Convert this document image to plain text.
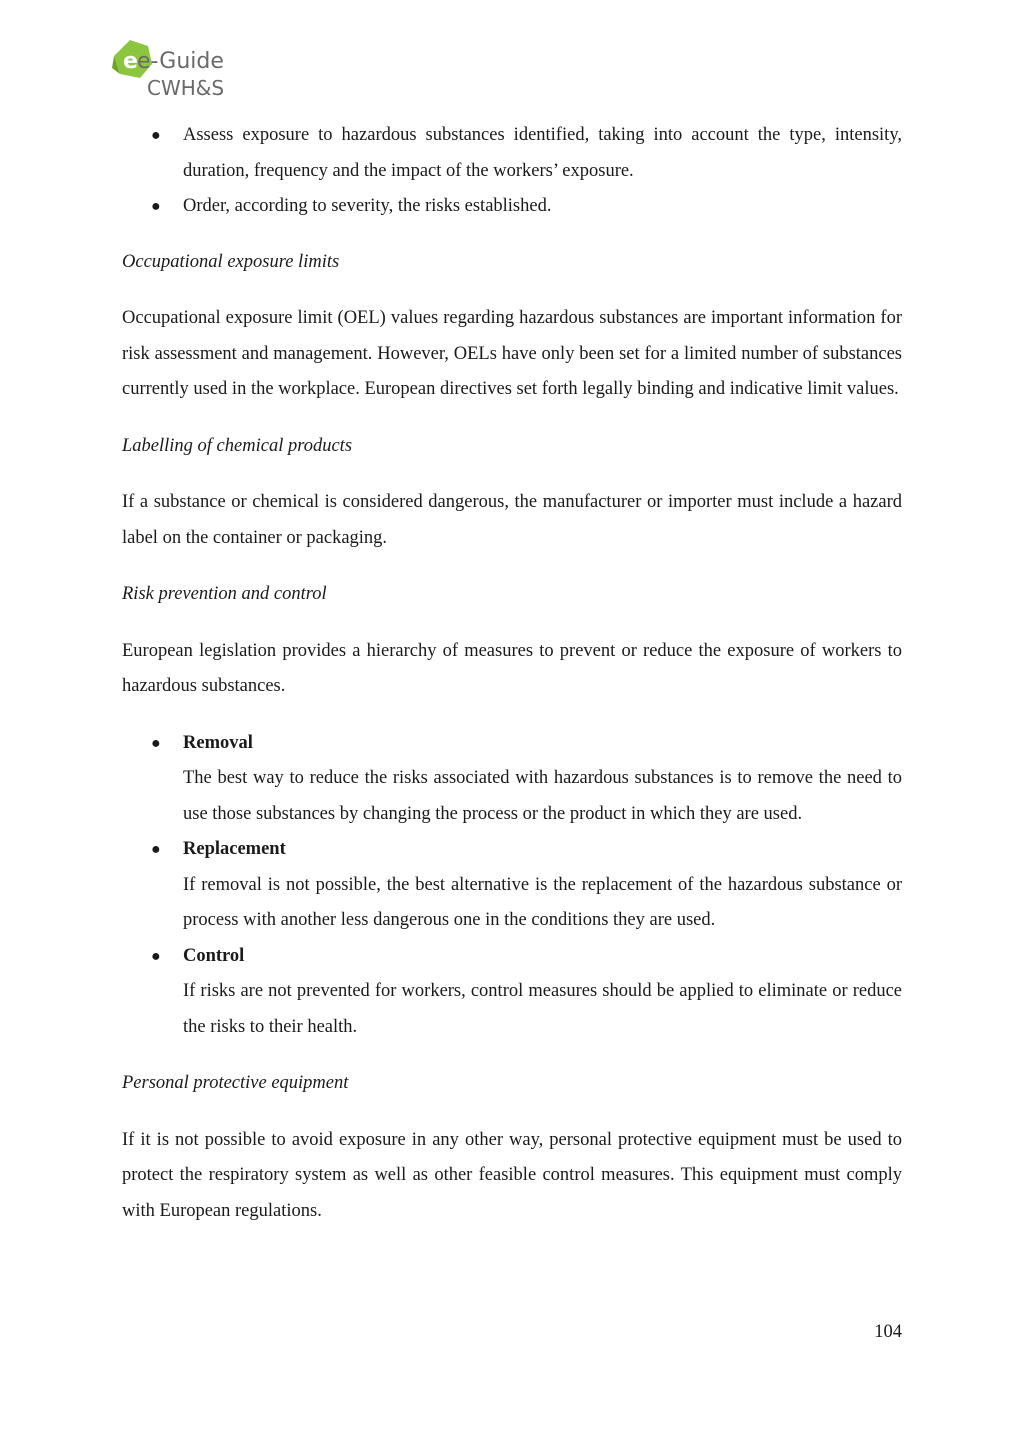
e e-Guide
CWH&S
● Assess exposure to hazardous substances identified, taking into account the type, intensity, duration, frequency and the impact of the workers’ exposure.
● Order, according to severity, the risks established.

Occupational exposure limits

Occupational exposure limit (OEL) values regarding hazardous substances are important information for risk assessment and management. However, OELs have only been set for a limited number of substances currently used in the workplace. European directives set forth legally binding and indicative limit values.

Labelling of chemical products

If a substance or chemical is considered dangerous, the manufacturer or importer must include a hazard label on the container or packaging.

Risk prevention and control

European legislation provides a hierarchy of measures to prevent or reduce the exposure of workers to hazardous substances.

● Removal
The best way to reduce the risks associated with hazardous substances is to remove the need to use those substances by changing the process or the product in which they are used.
● Replacement
If removal is not possible, the best alternative is the replacement of the hazardous substance or process with another less dangerous one in the conditions they are used.
● Control
If risks are not prevented for workers, control measures should be applied to eliminate or reduce the risks to their health.

Personal protective equipment

If it is not possible to avoid exposure in any other way, personal protective equipment must be used to protect the respiratory system as well as other feasible control measures. This equipment must comply with European regulations.

104
